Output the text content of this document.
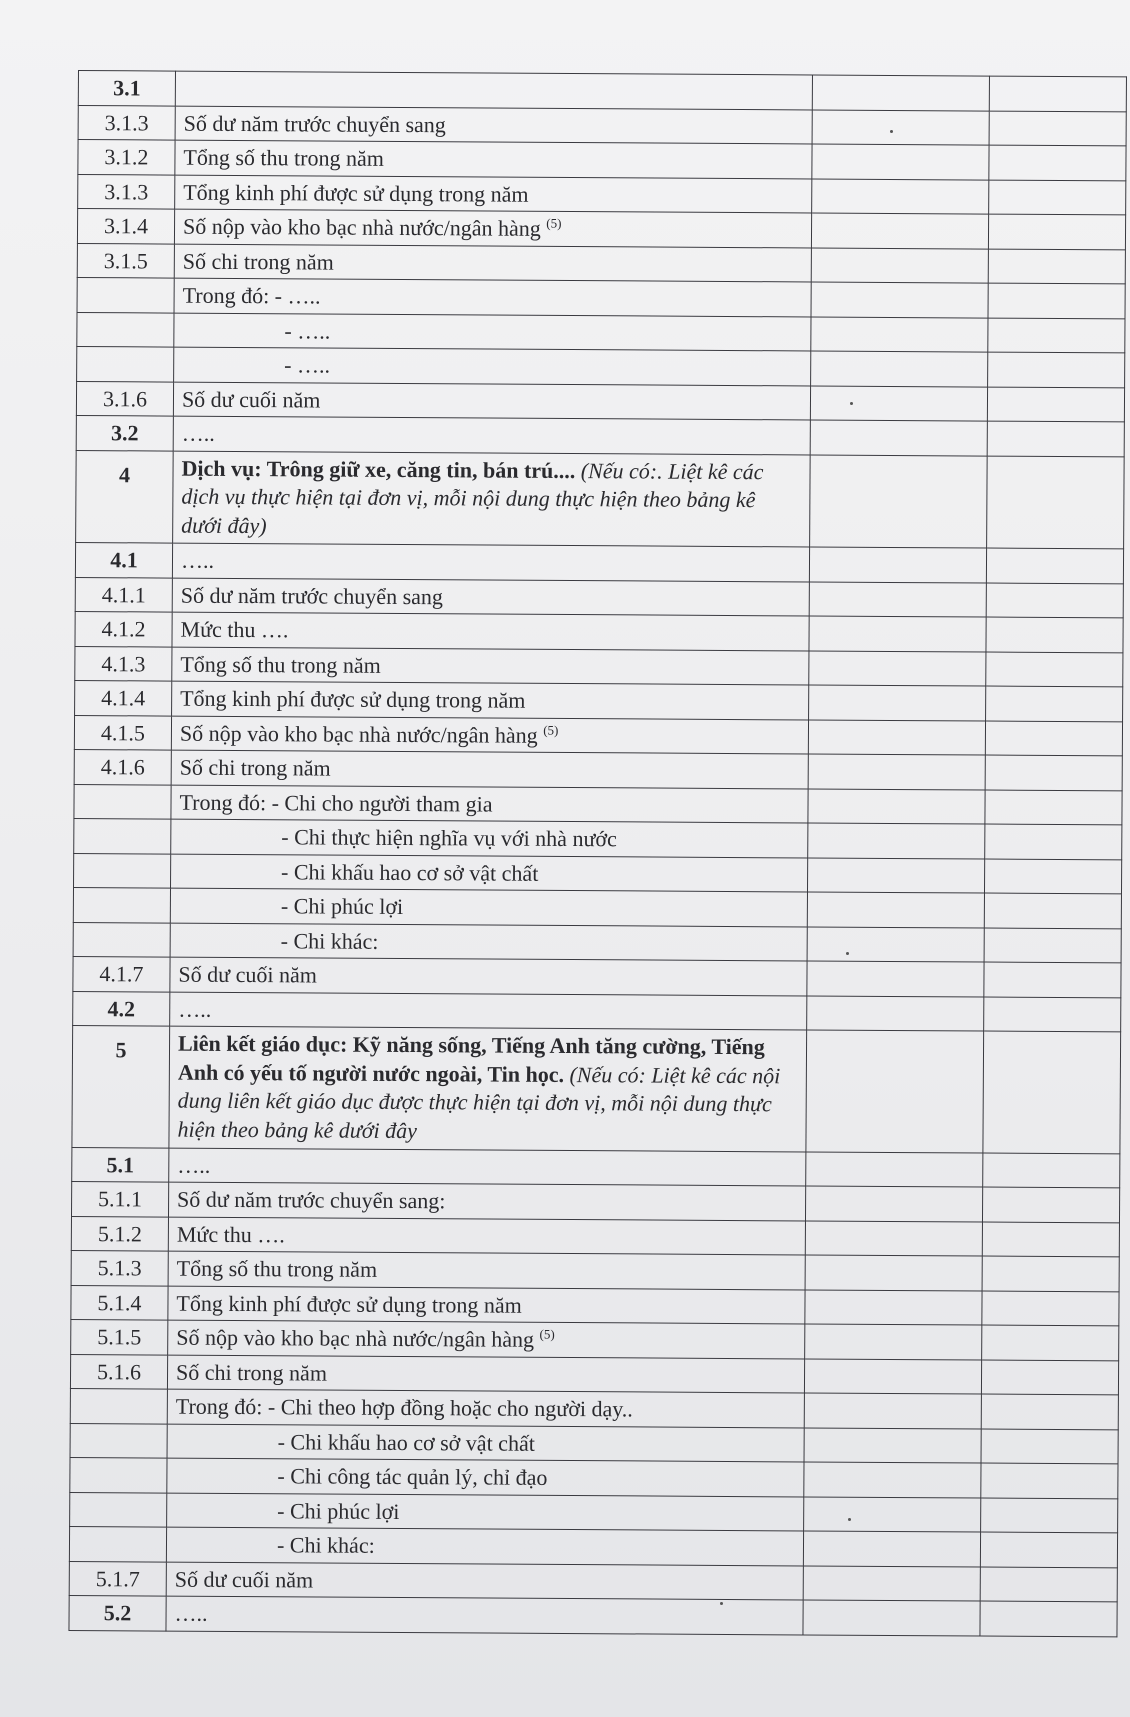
3.1			
3.1.3	Số dư năm trước chuyển sang		
3.1.2	Tổng số thu trong năm		
3.1.3	Tổng kinh phí được sử dụng trong năm		
3.1.4	Số nộp vào kho bạc nhà nước/ngân hàng $^{(5)}$		
3.1.5	Số chi trong năm		
	Trong đó: - …..		
	- …..		
	- …..		
3.1.6	Số dư cuối năm		
3.2	…..		
4	Dịch vụ: Trông giữ xe, căng tin, bán trú.... (Nếu có:. Liệt kê các dịch vụ thực hiện tại đơn vị, mỗi nội dung thực hiện theo bảng kê dưới đây)		
4.1	…..		
4.1.1	Số dư năm trước chuyển sang		
4.1.2	Mức thu ….		
4.1.3	Tổng số thu trong năm		
4.1.4	Tổng kinh phí được sử dụng trong năm		
4.1.5	Số nộp vào kho bạc nhà nước/ngân hàng $^{(5)}$		
4.1.6	Số chi trong năm		
	Trong đó: - Chi cho người tham gia		
	- Chi thực hiện nghĩa vụ với nhà nước		
	- Chi khấu hao cơ sở vật chất		
	- Chi phúc lợi		
	- Chi khác:		
4.1.7	Số dư cuối năm		
4.2	…..		
5	Liên kết giáo dục: Kỹ năng sống, Tiếng Anh tăng cường, Tiếng Anh có yếu tố người nước ngoài, Tin học. (Nếu có: Liệt kê các nội dung liên kết giáo dục được thực hiện tại đơn vị, mỗi nội dung thực hiện theo bảng kê dưới đây		
5.1	…..		
5.1.1	Số dư năm trước chuyển sang:		
5.1.2	Mức thu ….		
5.1.3	Tổng số thu trong năm		
5.1.4	Tổng kinh phí được sử dụng trong năm		
5.1.5	Số nộp vào kho bạc nhà nước/ngân hàng $^{(5)}$		
5.1.6	Số chi trong năm		
	Trong đó: - Chi theo hợp đồng hoặc cho người dạy..		
	- Chi khấu hao cơ sở vật chất		
	- Chi công tác quản lý, chỉ đạo		
	- Chi phúc lợi		
	- Chi khác:		
5.1.7	Số dư cuối năm		
5.2	…..		
